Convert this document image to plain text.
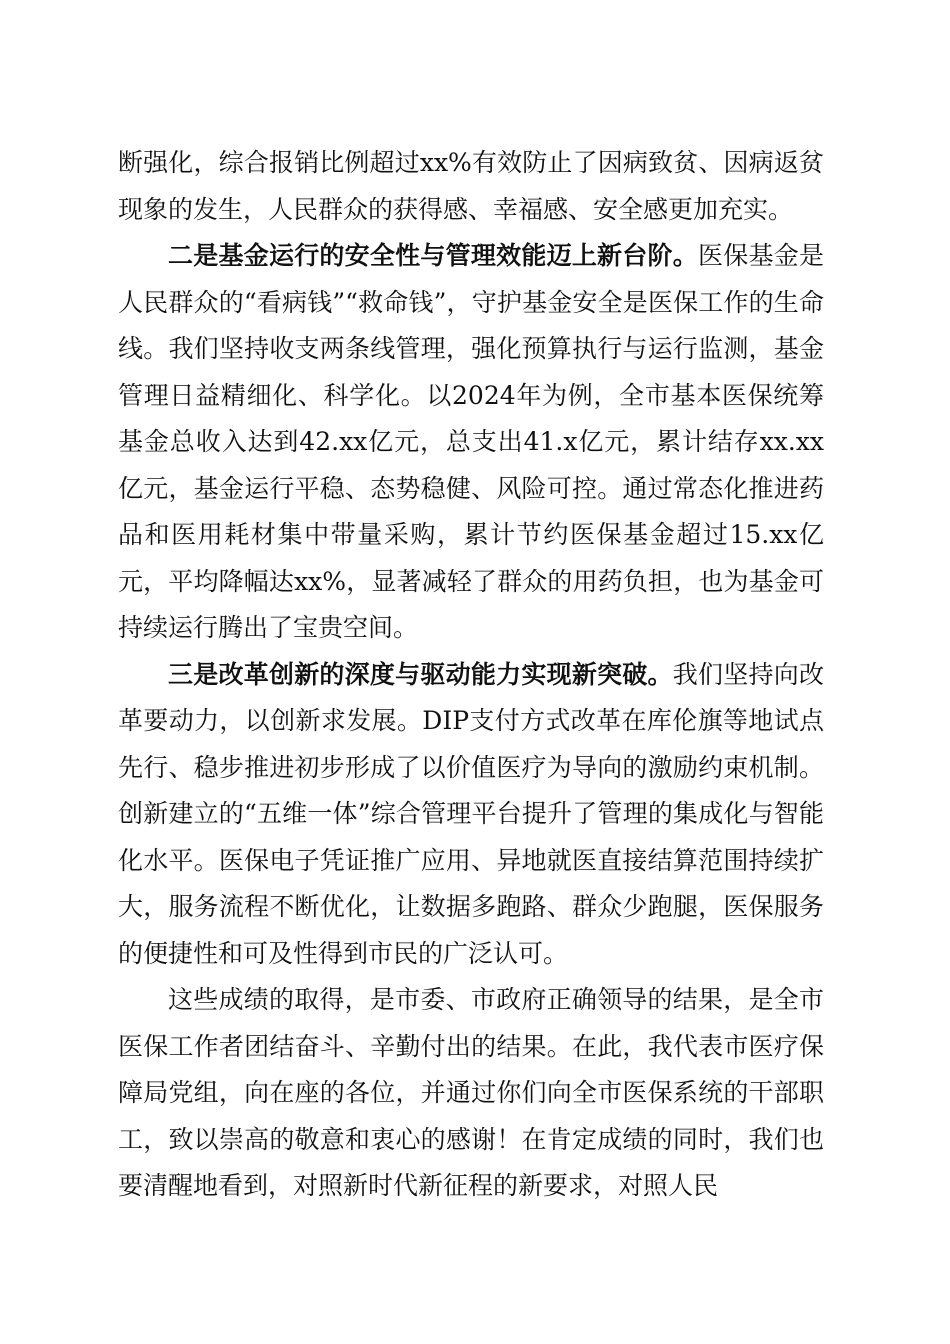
断强化，综合报销比例超过xx%有效防止了因病致贫、因病返贫现象的发生，人民群众的获得感、幸福感、安全感更加充实。

二是基金运行的安全性与管理效能迈上新台阶。医保基金是人民群众的“看病钱”“救命钱”，守护基金安全是医保工作的生命线。我们坚持收支两条线管理，强化预算执行与运行监测，基金管理日益精细化、科学化。以2024年为例，全市基本医保统筹基金总收入达到42.xx亿元，总支出41.x亿元，累计结存xx.xx亿元，基金运行平稳、态势稳健、风险可控。通过常态化推进药品和医用耗材集中带量采购，累计节约医保基金超过15.xx亿元，平均降幅达xx%，显著减轻了群众的用药负担，也为基金可持续运行腾出了宝贵空间。

三是改革创新的深度与驱动能力实现新突破。我们坚持向改革要动力，以创新求发展。DIP支付方式改革在库伦旗等地试点先行、稳步推进初步形成了以价值医疗为导向的激励约束机制。创新建立的“五维一体”综合管理平台提升了管理的集成化与智能化水平。医保电子凭证推广应用、异地就医直接结算范围持续扩大，服务流程不断优化，让数据多跑路、群众少跑腿，医保服务的便捷性和可及性得到市民的广泛认可。

这些成绩的取得，是市委、市政府正确领导的结果，是全市医保工作者团结奋斗、辛勤付出的结果。在此，我代表市医疗保障局党组，向在座的各位，并通过你们向全市医保系统的干部职工，致以崇高的敬意和衷心的感谢！在肯定成绩的同时，我们也要清醒地看到，对照新时代新征程的新要求，对照人民
